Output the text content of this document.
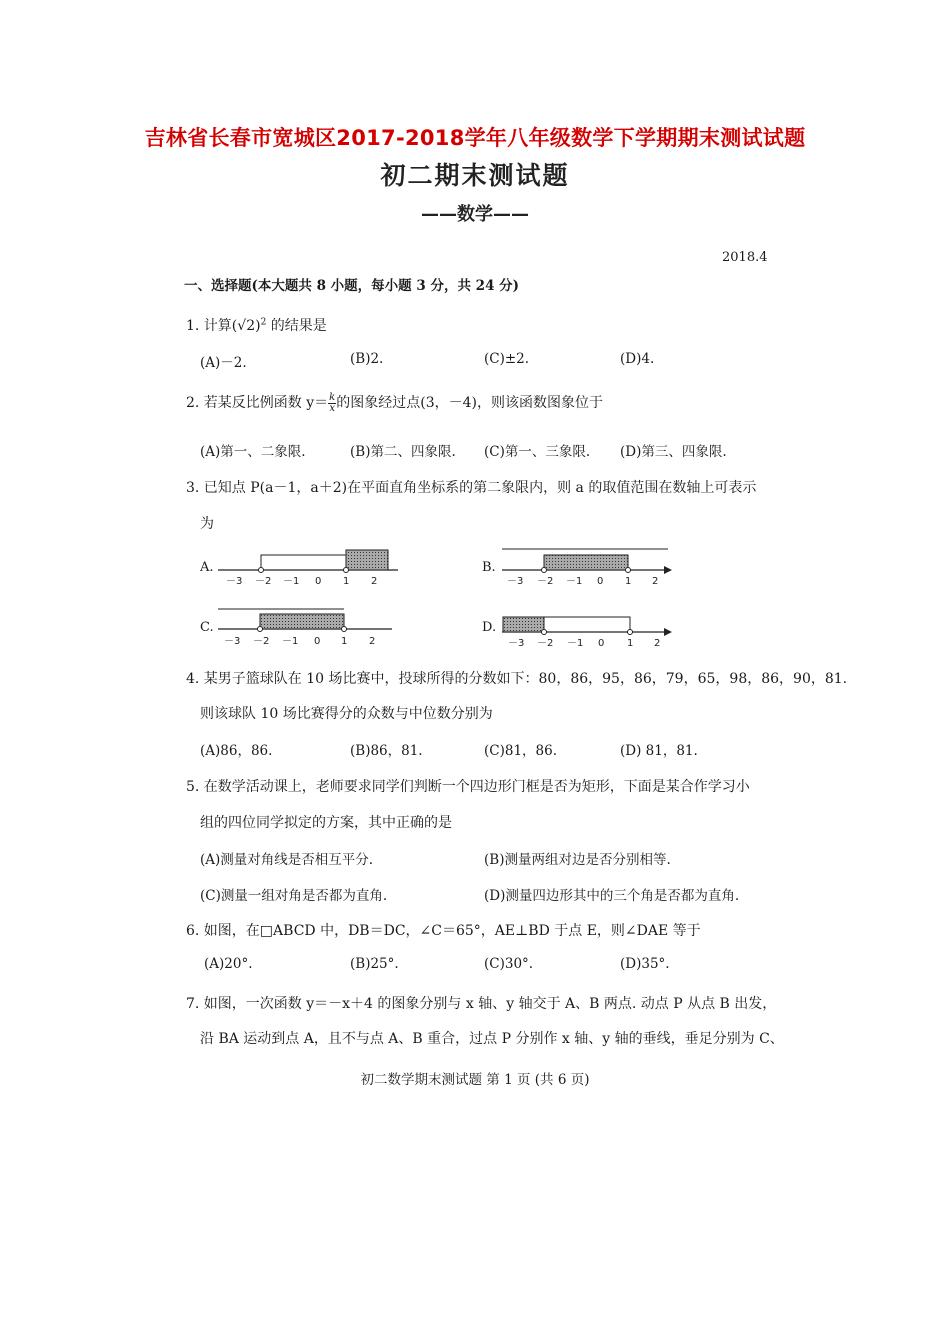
吉林省长春市宽城区2017-2018学年八年级数学下学期期末测试试题
初二期末测试题
——数学——
2018.4
一、选择题(本大题共 8 小题，每小题 3 分，共 24 分)
1. 计算$(√2)^2$ 的结果是
(A)－2.	(B)2.	(C)±2.	(D)4.
2. 若某反比例函数 $y= \frac{k}{x}$ 的图象经过点(3，－4)，则该函数图象位于
(A)第一、二象限.	(B)第二、四象限. (C)第一、三象限. (D)第三、四象限.
3. 已知点 P(a－1，a＋2)在平面直角坐标系的第二象限内，则 a 的取值范围在数轴上可表示
为
A.	B.
C.	D.
－3 －2 －1 0 1 2	－3 －2 －1 0 1 2
－3 －2 －1 0 1 2	－3 －2 －1 0 1 2
4. 某男子篮球队在 10 场比赛中，投球所得的分数如下：80，86，95，86，79，65，98，86，90，81.
则该球队 10 场比赛得分的众数与中位数分别为
(A)86，86.	(B)86，81.	(C)81，86.	(D) 81，81.
5. 在数学活动课上，老师要求同学们判断一个四边形门框是否为矩形，下面是某合作学习小
组的四位同学拟定的方案，其中正确的是
(A)测量对角线是否相互平分.	(B)测量两组对边是否分别相等.
(C)测量一组对角是否都为直角.	(D)测量四边形其中的三个角是否都为直角.
6. 如图，在□ABCD 中，DB＝DC，∠C＝65°，AE⊥BD 于点 E，则∠DAE 等于
(A)20°.	(B)25°.	(C)30°.	(D)35°.
7. 如图，一次函数 y＝－x＋4 的图象分别与 x 轴、y 轴交于 A、B 两点. 动点 P 从点 B 出发，
沿 BA 运动到点 A，且不与点 A、B 重合，过点 P 分别作 x 轴、y 轴的垂线，垂足分别为 C、
初二数学期末测试题 第 1 页 (共 6 页)
